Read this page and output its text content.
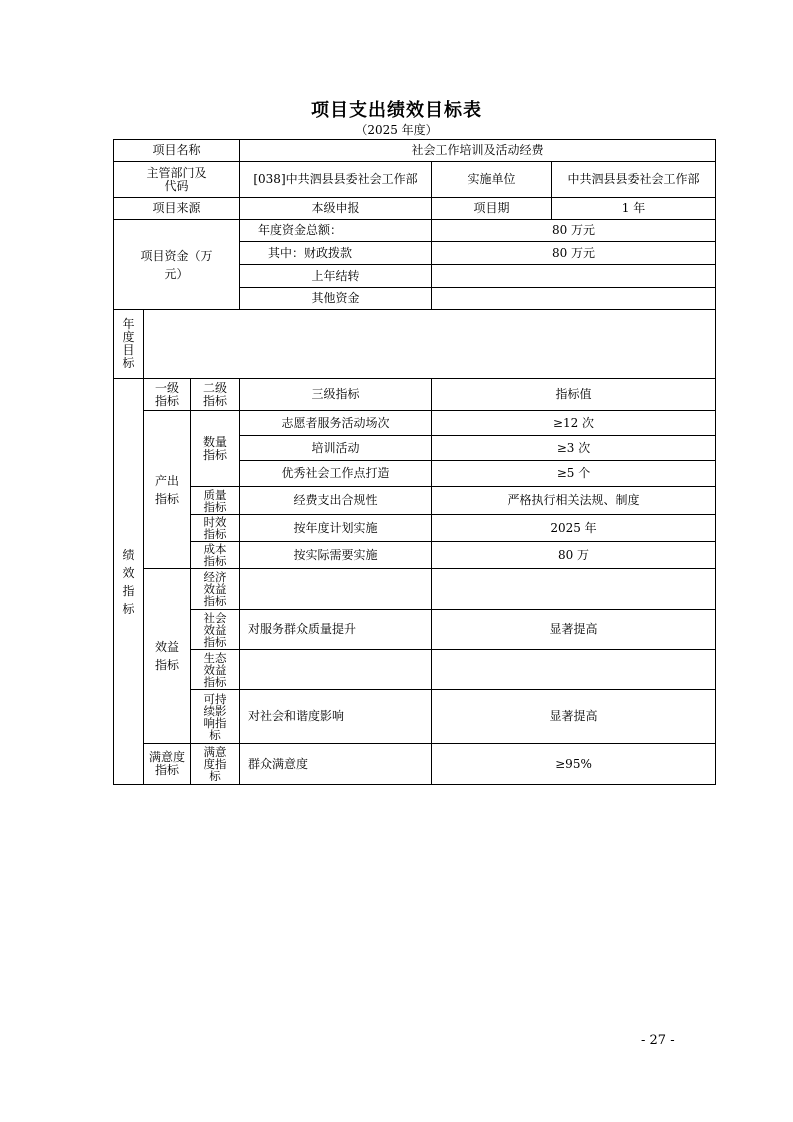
项目支出绩效目标表
（2025 年度）
项目名称			社会工作培训及活动经费		
主管部门及代码			[038]中共泗县县委社会工作部	实施单位	中共泗县县委社会工作部
项目来源			本级申报	项目期	1 年
项目资金（万元）			年度资金总额：	80 万元	
			其中：财政拨款	80 万元	
			上年结转		
			其他资金		
年度目标					
绩效指标	一级指标	二级指标	三级指标	指标值	
	产出指标	数量指标	志愿者服务活动场次	≥12 次	
			培训活动	≥3 次	
			优秀社会工作点打造	≥5 个	
		质量指标	经费支出合规性	严格执行相关法规、制度	
		时效指标	按年度计划实施	2025 年	
		成本指标	按实际需要实施	80 万	
	效益指标	经济效益指标			
		社会效益指标	对服务群众质量提升	显著提高	
		生态效益指标			
		可持续影响指标	对社会和谐度影响	显著提高	
	满意度指标	满意度指标	群众满意度	≥95%	
- 27 -
